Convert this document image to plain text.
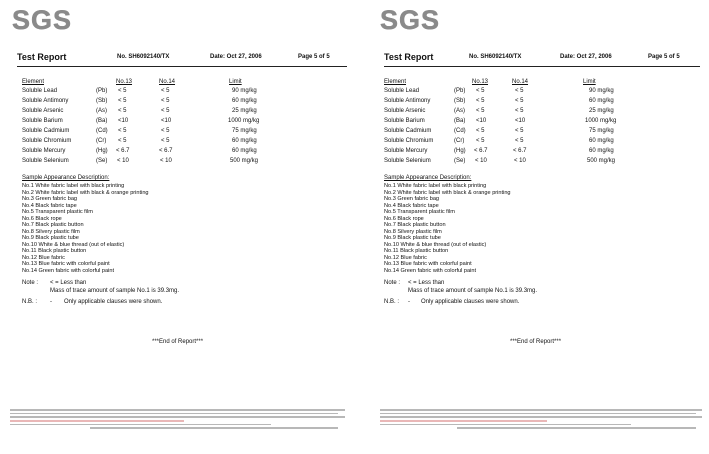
SGS
Test Report	No. SH6092140/TX	Date: Oct 27, 2006	Page 5 of 5
Element	No.13	No.14	Limit
Soluble Lead	(Pb) < 5	< 5	90 mg/kg
Soluble Antimony	(Sb) < 5	< 5	60 mg/kg
Soluble Arsenic	(As) < 5	< 5	25 mg/kg
Soluble Barium	(Ba) <10	<10	1000 mg/kg
Soluble Cadmium	(Cd) < 5	< 5	75 mg/kg
Soluble Chromium	(Cr) < 5	< 5	60 mg/kg
Soluble Mercury	(Hg) < 6.7	< 6.7	60 mg/kg
Soluble Selenium	(Se) < 10	< 10	500 mg/kg
Sample Appearance Description:
No.1 White fabric label with black printing
No.2 White fabric label with black & orange printing
No.3 Green fabric bag
No.4 Black fabric tape
No.5 Transparent plastic film
No.6 Black rope
No.7 Black plastic button
No.8 Silvery plastic film
No.9 Black plastic tube
No.10 White & blue thread (out of elastic)
No.11 Black plastic button
No.12 Blue fabric
No.13 Blue fabric with colorful paint
No.14 Green fabric with colorful paint
Note : < = Less than
Mass of trace amount of sample No.1 is 39.3mg.
N.B. : - Only applicable clauses were shown.
***End of Report***
SGS
Test Report	No. SH6092140/TX	Date: Oct 27, 2006	Page 5 of 5
Element	No.13	No.14	Limit
Soluble Lead	(Pb) < 5	< 5	90 mg/kg
Soluble Antimony	(Sb) < 5	< 5	60 mg/kg
Soluble Arsenic	(As) < 5	< 5	25 mg/kg
Soluble Barium	(Ba) <10	<10	1000 mg/kg
Soluble Cadmium	(Cd) < 5	< 5	75 mg/kg
Soluble Chromium	(Cr) < 5	< 5	60 mg/kg
Soluble Mercury	(Hg) < 6.7	< 6.7	60 mg/kg
Soluble Selenium	(Se) < 10	< 10	500 mg/kg
Sample Appearance Description:
No.1 White fabric label with black printing
No.2 White fabric label with black & orange printing
No.3 Green fabric bag
No.4 Black fabric tape
No.5 Transparent plastic film
No.6 Black rope
No.7 Black plastic button
No.8 Silvery plastic film
No.9 Black plastic tube
No.10 White & blue thread (out of elastic)
No.11 Black plastic button
No.12 Blue fabric
No.13 Blue fabric with colorful paint
No.14 Green fabric with colorful paint
Note : < = Less than
Mass of trace amount of sample No.1 is 39.3mg.
N.B. : - Only applicable clauses were shown.
***End of Report***
